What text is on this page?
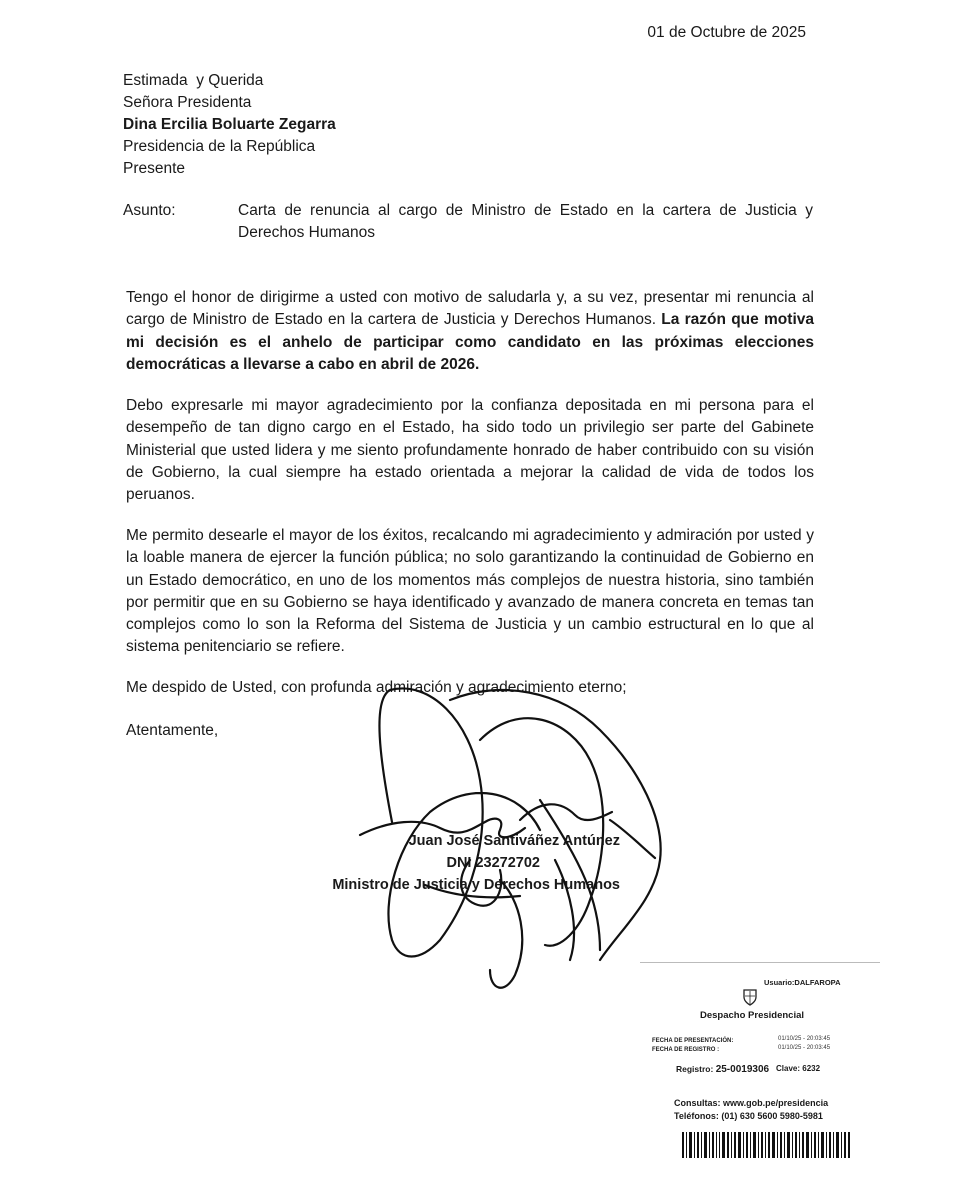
01 de Octubre de 2025
Estimada  y Querida
Señora Presidenta
Dina Ercilia Boluarte Zegarra
Presidencia de la República
Presente
Asunto:	Carta de renuncia al cargo de Ministro de Estado en la cartera de Justicia y Derechos Humanos
Tengo el honor de dirigirme a usted con motivo de saludarla y, a su vez, presentar mi renuncia al cargo de Ministro de Estado en la cartera de Justicia y Derechos Humanos. La razón que motiva mi decisión es el anhelo de participar como candidato en las próximas elecciones democráticas a llevarse a cabo en abril de 2026.
Debo expresarle mi mayor agradecimiento por la confianza depositada en mi persona para el desempeño de tan digno cargo en el Estado, ha sido todo un privilegio ser parte del Gabinete Ministerial que usted lidera y me siento profundamente honrado de haber contribuido con su visión de Gobierno, la cual siempre ha estado orientada a mejorar la calidad de vida de todos los peruanos.
Me permito desearle el mayor de los éxitos, recalcando mi agradecimiento y admiración por usted y la loable manera de ejercer la función pública; no solo garantizando la continuidad de Gobierno en un Estado democrático, en uno de los momentos más complejos de nuestra historia, sino también por permitir que en su Gobierno se haya identificado y avanzado de manera concreta en temas tan complejos como lo son la Reforma del Sistema de Justicia y un cambio estructural en lo que al sistema penitenciario se refiere.
Me despido de Usted, con profunda admiración y agradecimiento eterno;
Atentamente,
Juan José Santiváñez Antúnez
DNI 23272702
Ministro de Justicia y Derechos Humanos
Usuario:DALFAROPA
Despacho Presidencial
FECHA DE PRESENTACIÓN:	01/10/25 - 20:03:45
FECHA DE REGISTRO :	01/10/25 - 20:03:45
Registro: 25-0019306 Clave: 6232
Consultas: www.gob.pe/presidencia
Teléfonos: (01) 630 5600 5980-5981
